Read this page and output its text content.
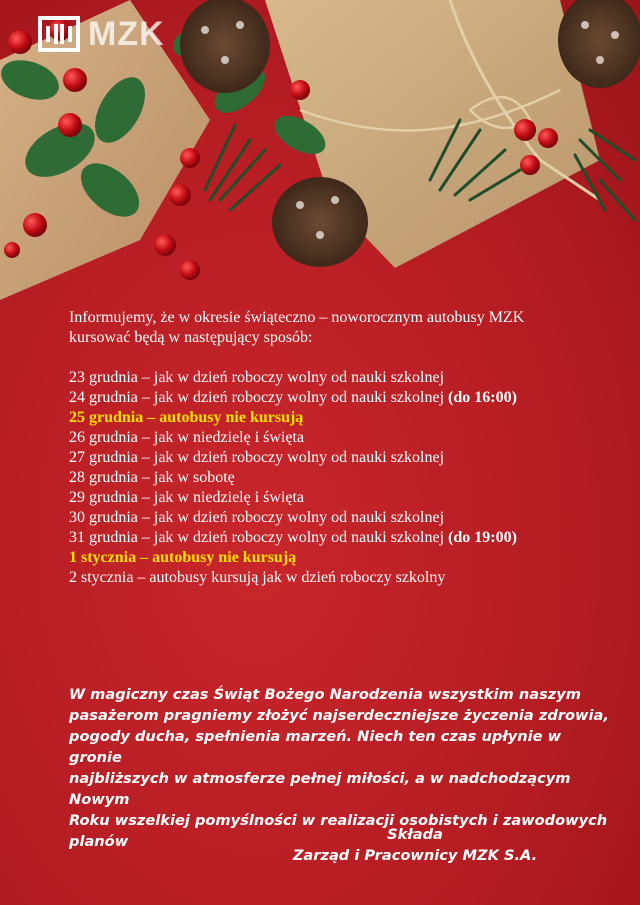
MZK
Informujemy, że w okresie świąteczno – noworocznym autobusy MZK
kursować będą w następujący sposób:
23 grudnia – jak w dzień roboczy wolny od nauki szkolnej
24 grudnia – jak w dzień roboczy wolny od nauki szkolnej (do 16:00)
25 grudnia – autobusy nie kursują
26 grudnia – jak w niedzielę i święta
27 grudnia – jak w dzień roboczy wolny od nauki szkolnej
28 grudnia – jak w sobotę
29 grudnia – jak w niedzielę i święta
30 grudnia – jak w dzień roboczy wolny od nauki szkolnej
31 grudnia – jak w dzień roboczy wolny od nauki szkolnej (do 19:00)
1 stycznia – autobusy nie kursują
2 stycznia – autobusy kursują jak w dzień roboczy szkolny
W magiczny czas Świąt Bożego Narodzenia wszystkim naszym
pasażerom pragniemy złożyć najserdeczniejsze życzenia zdrowia,
pogody ducha, spełnienia marzeń. Niech ten czas upłynie w gronie
najbliższych w atmosferze pełnej miłości, a w nadchodzącym Nowym
Roku wszelkiej pomyślności w realizacji osobistych i zawodowych
planów	Składa
Zarząd i Pracownicy MZK S.A.
